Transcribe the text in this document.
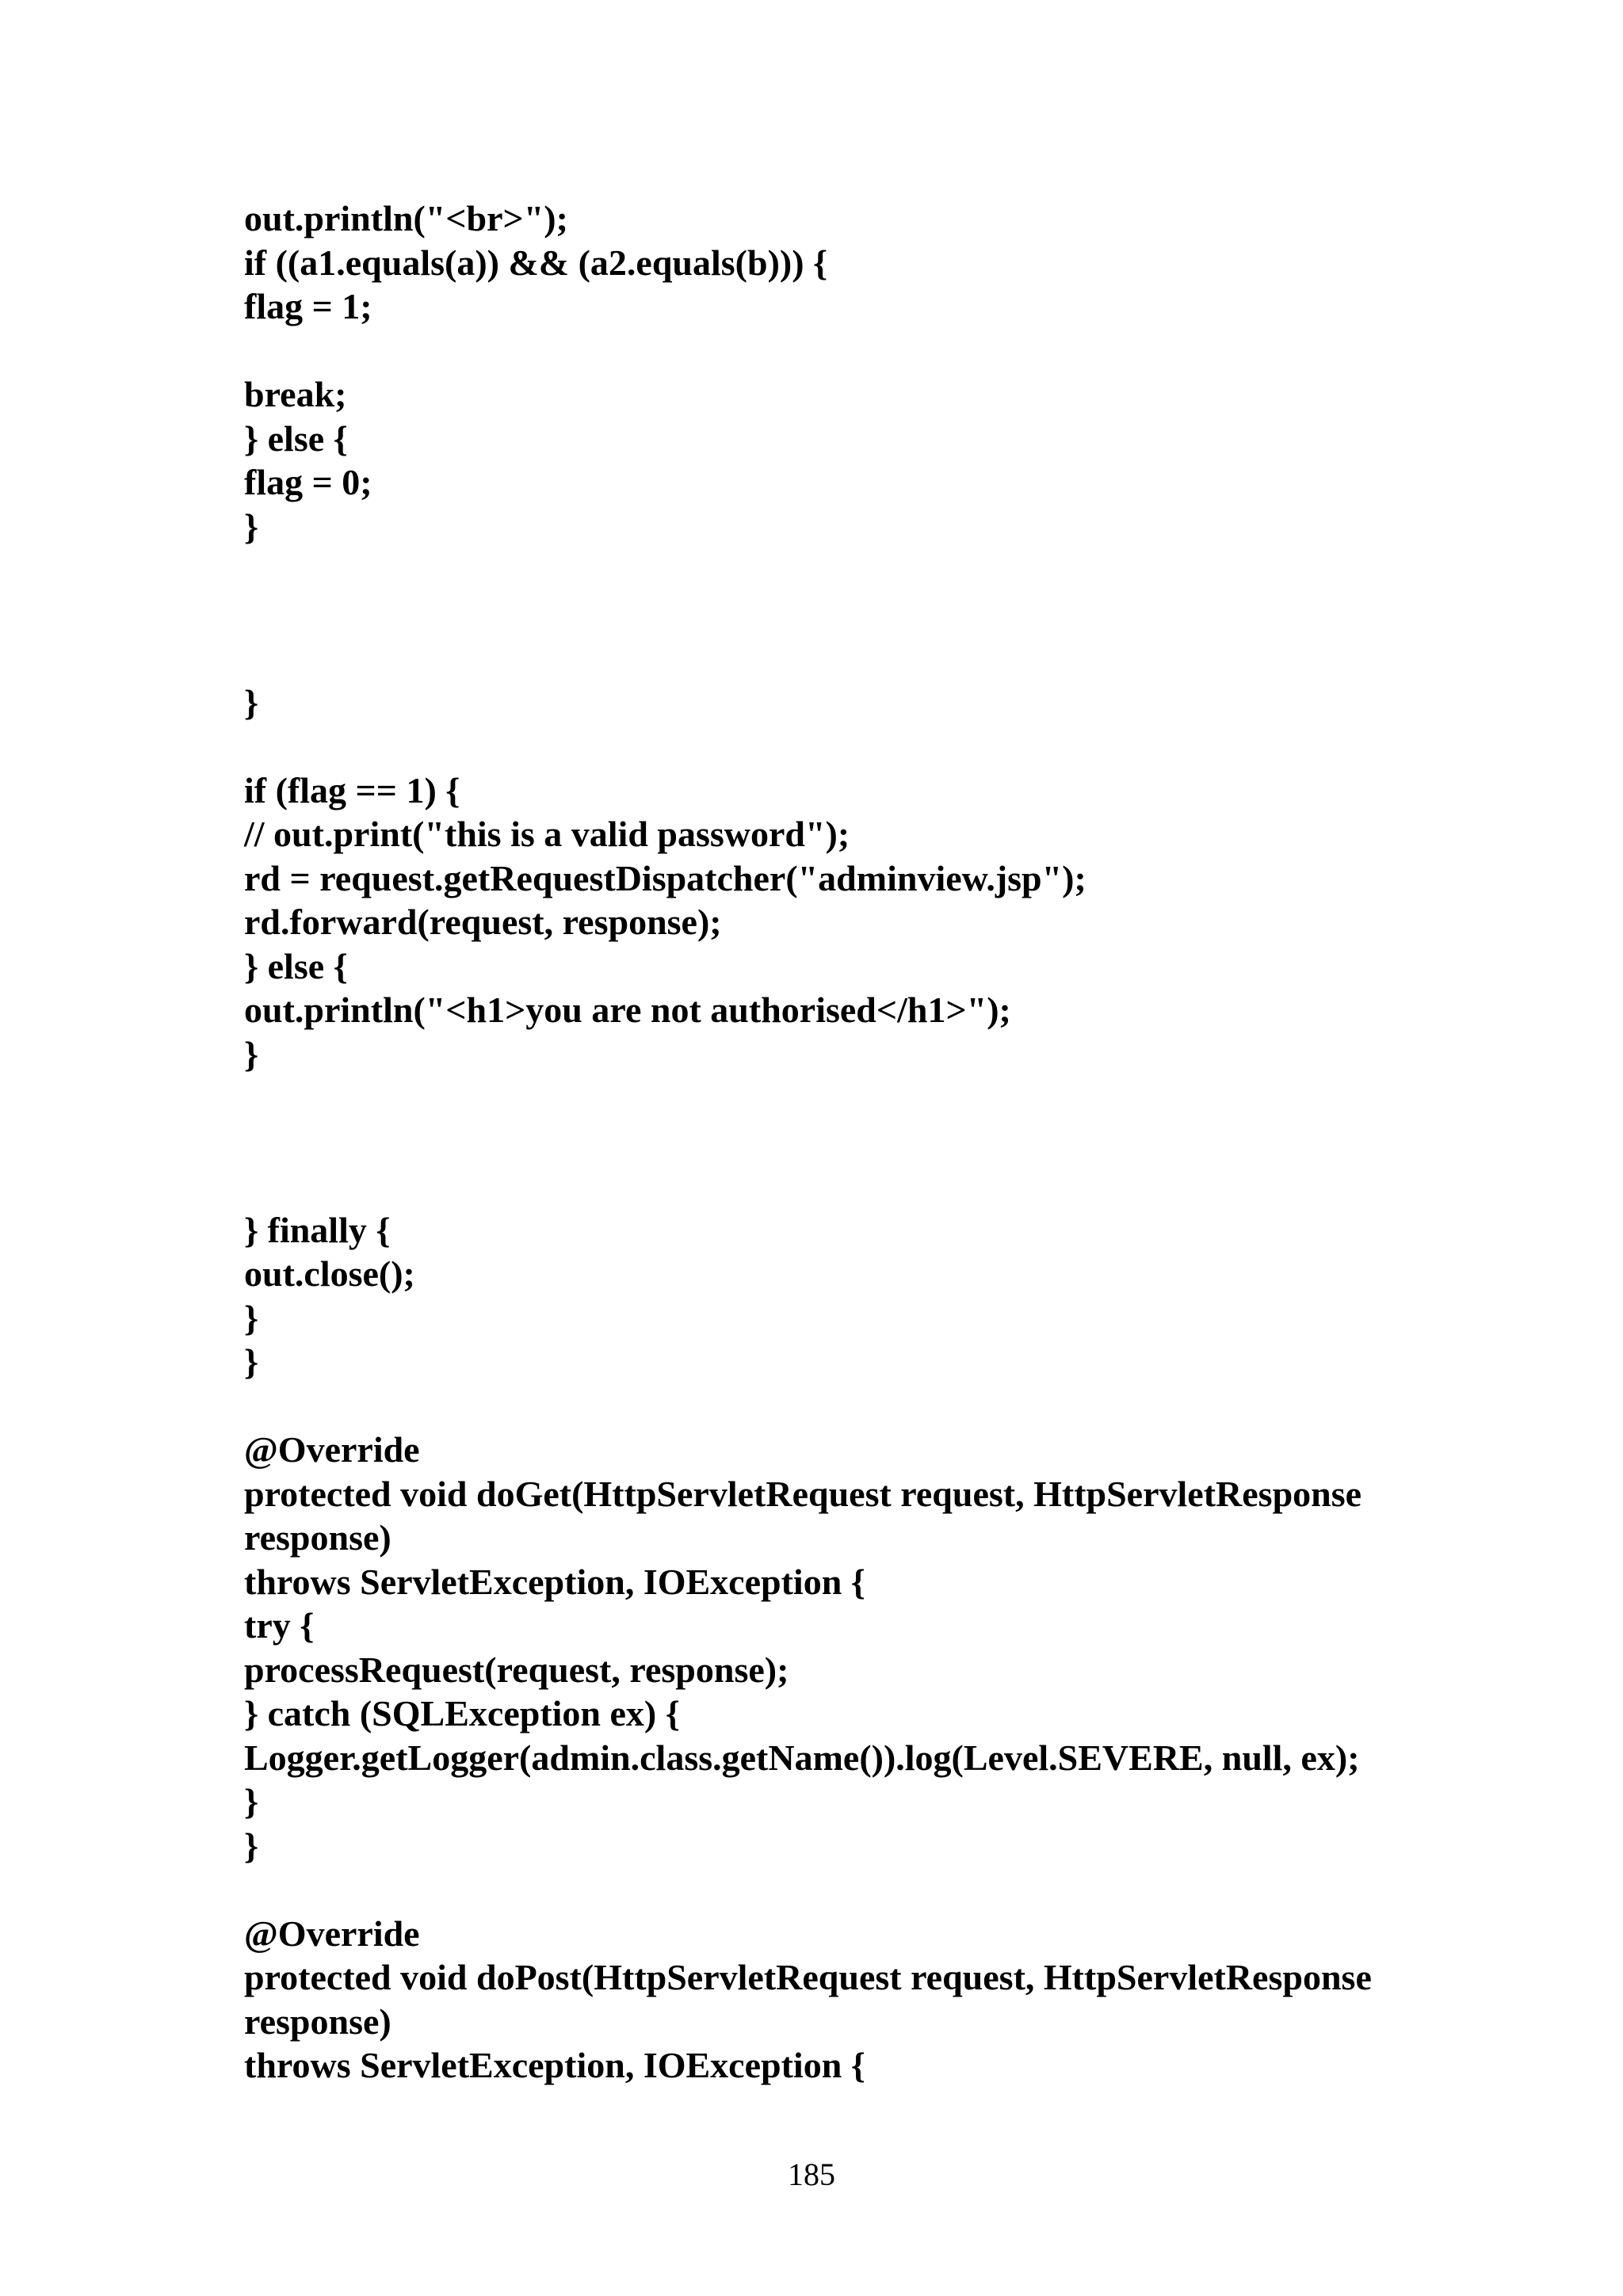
out.println("<br>");
if ((a1.equals(a)) && (a2.equals(b))) {
flag = 1;
break;
} else {
flag = 0;
}
}
if (flag == 1) {
// out.print("this is a valid password");
rd = request.getRequestDispatcher("adminview.jsp");
rd.forward(request, response);
} else {
out.println("<h1>you are not authorised</h1>");
}
} finally {
out.close();
}
}
@Override
protected void doGet(HttpServletRequest request, HttpServletResponse
response)
throws ServletException, IOException {
try {
processRequest(request, response);
} catch (SQLException ex) {
Logger.getLogger(admin.class.getName()).log(Level.SEVERE, null, ex);
}
}
@Override
protected void doPost(HttpServletRequest request, HttpServletResponse
response)
throws ServletException, IOException {
185
